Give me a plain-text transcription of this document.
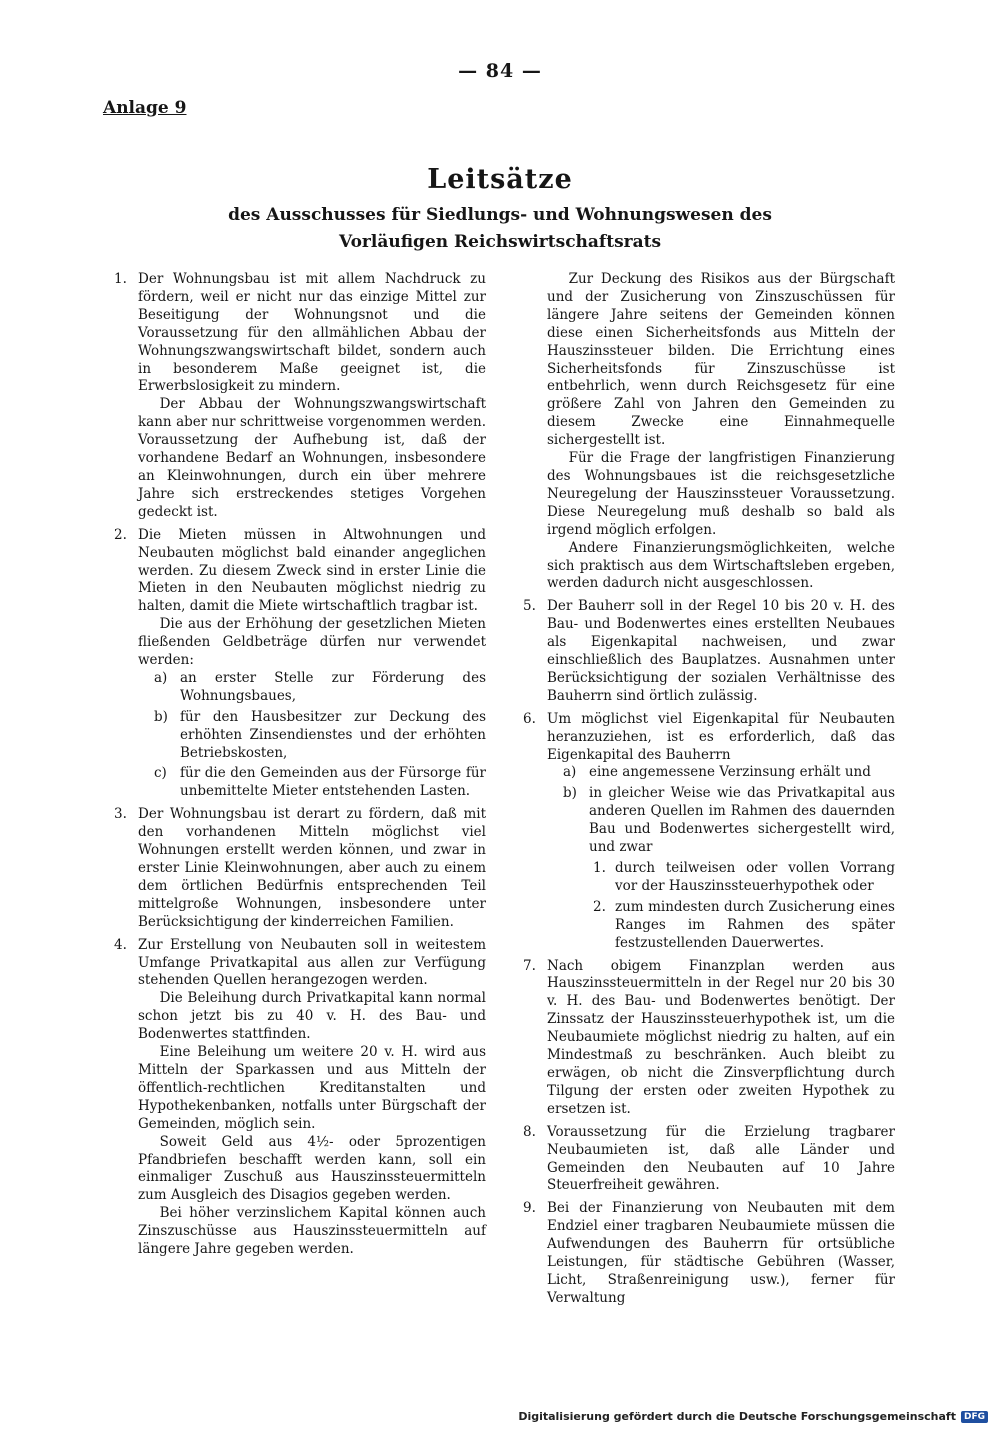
— 84 —
Anlage 9
Leitsätze
des Ausschusses für Siedlungs- und Wohnungswesen des
Vorläufigen Reichswirtschaftsrats
1. Der Wohnungsbau ist mit allem Nachdruck zu fördern, weil er nicht nur das einzige Mittel zur Beseitigung der Wohnungsnot und die Voraussetzung für den allmählichen Abbau der Wohnungszwangswirtschaft bildet, sondern auch in besonderem Maße geeignet ist, die Erwerbslosigkeit zu mindern.

Der Abbau der Wohnungszwangswirtschaft kann aber nur schrittweise vorgenommen werden. Voraussetzung der Aufhebung ist, daß der vorhandene Bedarf an Wohnungen, insbesondere an Kleinwohnungen, durch ein über mehrere Jahre sich erstreckendes stetiges Vorgehen gedeckt ist.

2. Die Mieten müssen in Altwohnungen und Neubauten möglichst bald einander angeglichen werden. Zu diesem Zweck sind in erster Linie die Mieten in den Neubauten möglichst niedrig zu halten, damit die Miete wirtschaftlich tragbar ist.

Die aus der Erhöhung der gesetzlichen Mieten fließenden Geldbeträge dürfen nur verwendet werden:

a) an erster Stelle zur Förderung des Wohnungsbaues,

b) für den Hausbesitzer zur Deckung des erhöhten Zinsendienstes und der erhöhten Betriebskosten,

c) für die den Gemeinden aus der Fürsorge für unbemittelte Mieter entstehenden Lasten.

3. Der Wohnungsbau ist derart zu fördern, daß mit den vorhandenen Mitteln möglichst viel Wohnungen erstellt werden können, und zwar in erster Linie Kleinwohnungen, aber auch zu einem dem örtlichen Bedürfnis entsprechenden Teil mittelgroße Wohnungen, insbesondere unter Berücksichtigung der kinderreichen Familien.

4. Zur Erstellung von Neubauten soll in weitestem Umfange Privatkapital aus allen zur Verfügung stehenden Quellen herangezogen werden.

Die Beleihung durch Privatkapital kann normal schon jetzt bis zu 40 v. H. des Bau- und Bodenwertes stattfinden.

Eine Beleihung um weitere 20 v. H. wird aus Mitteln der Sparkassen und aus Mitteln der öffentlich-rechtlichen Kreditanstalten und Hypothekenbanken, notfalls unter Bürgschaft der Gemeinden, möglich sein.

Soweit Geld aus 4½- oder 5prozentigen Pfandbriefen beschafft werden kann, soll ein einmaliger Zuschuß aus Hauszinssteuermitteln zum Ausgleich des Disagios gegeben werden.

Bei höher verzinslichem Kapital können auch Zinszuschüsse aus Hauszinssteuermitteln auf längere Jahre gegeben werden.

Zur Deckung des Risikos aus der Bürgschaft und der Zusicherung von Zinszuschüssen für längere Jahre seitens der Gemeinden können diese einen Sicherheitsfonds aus Mitteln der Hauszinssteuer bilden. Die Errichtung eines Sicherheitsfonds für Zinszuschüsse ist entbehrlich, wenn durch Reichsgesetz für eine größere Zahl von Jahren den Gemeinden zu diesem Zwecke eine Einnahmequelle sichergestellt ist.

Für die Frage der langfristigen Finanzierung des Wohnungsbaues ist die reichsgesetzliche Neuregelung der Hauszinssteuer Voraussetzung. Diese Neuregelung muß deshalb so bald als irgend möglich erfolgen.

Andere Finanzierungsmöglichkeiten, welche sich praktisch aus dem Wirtschaftsleben ergeben, werden dadurch nicht ausgeschlossen.

5. Der Bauherr soll in der Regel 10 bis 20 v. H. des Bau- und Bodenwertes eines erstellten Neubaues als Eigenkapital nachweisen, und zwar einschließlich des Bauplatzes. Ausnahmen unter Berücksichtigung der sozialen Verhältnisse des Bauherrn sind örtlich zulässig.

6. Um möglichst viel Eigenkapital für Neubauten heranzuziehen, ist es erforderlich, daß das Eigenkapital des Bauherrn

a) eine angemessene Verzinsung erhält und

b) in gleicher Weise wie das Privatkapital aus anderen Quellen im Rahmen des dauernden Bau und Bodenwertes sichergestellt wird, und zwar

1. durch teilweisen oder vollen Vorrang vor der Hauszinssteuerhypothek oder

2. zum mindesten durch Zusicherung eines Ranges im Rahmen des später festzustellenden Dauerwertes.

7. Nach obigem Finanzplan werden aus Hauszinssteuermitteln in der Regel nur 20 bis 30 v. H. des Bau- und Bodenwertes benötigt. Der Zinssatz der Hauszinssteuerhypothek ist, um die Neubaumiete möglichst niedrig zu halten, auf ein Mindestmaß zu beschränken. Auch bleibt zu erwägen, ob nicht die Zinsverpflichtung durch Tilgung der ersten oder zweiten Hypothek zu ersetzen ist.

8. Voraussetzung für die Erzielung tragbarer Neubaumieten ist, daß alle Länder und Gemeinden den Neubauten auf 10 Jahre Steuerfreiheit gewähren.

9. Bei der Finanzierung von Neubauten mit dem Endziel einer tragbaren Neubaumiete müssen die Aufwendungen des Bauherrn für ortsübliche Leistungen, für städtische Gebühren (Wasser, Licht, Straßenreinigung usw.), ferner für Verwaltung

Digitalisierung gefördert durch die Deutsche Forschungsgemeinschaft DFG
